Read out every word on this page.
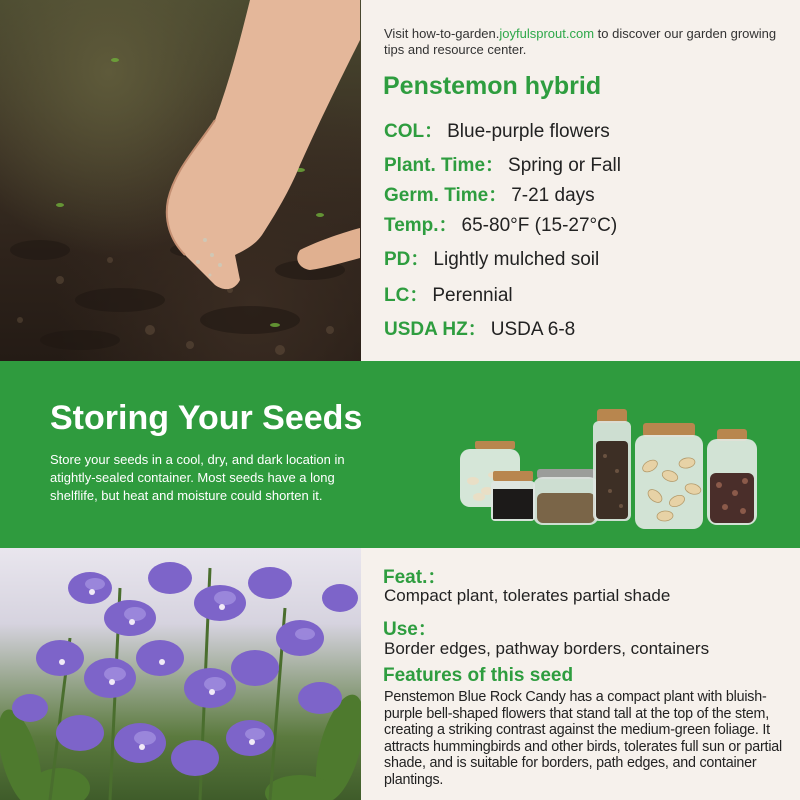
Visit how-to-garden.joyfulsprout.com to discover our garden growing tips and resource center.
Penstemon hybrid
COL： Blue-purple flowers
Plant. Time： Spring or Fall
Germ. Time： 7-21 days
Temp.： 65-80°F (15-27°C)
PD： Lightly mulched soil
LC： Perennial
USDA HZ： USDA 6-8
Storing Your Seeds
Store your seeds in a cool, dry, and dark location in atightly-sealed container. Most seeds have a long shelflife, but heat and moisture could shorten it.
Feat.：
Compact plant, tolerates partial shade
Use：
Border edges, pathway borders, containers
Features of this seed
Penstemon Blue Rock Candy has a compact plant with bluish-purple bell-shaped flowers that stand tall at the top of the stem, creating a striking contrast against the medium-green foliage. It attracts hummingbirds and other birds, tolerates full sun or partial shade, and is suitable for borders, path edges, and container plantings.
